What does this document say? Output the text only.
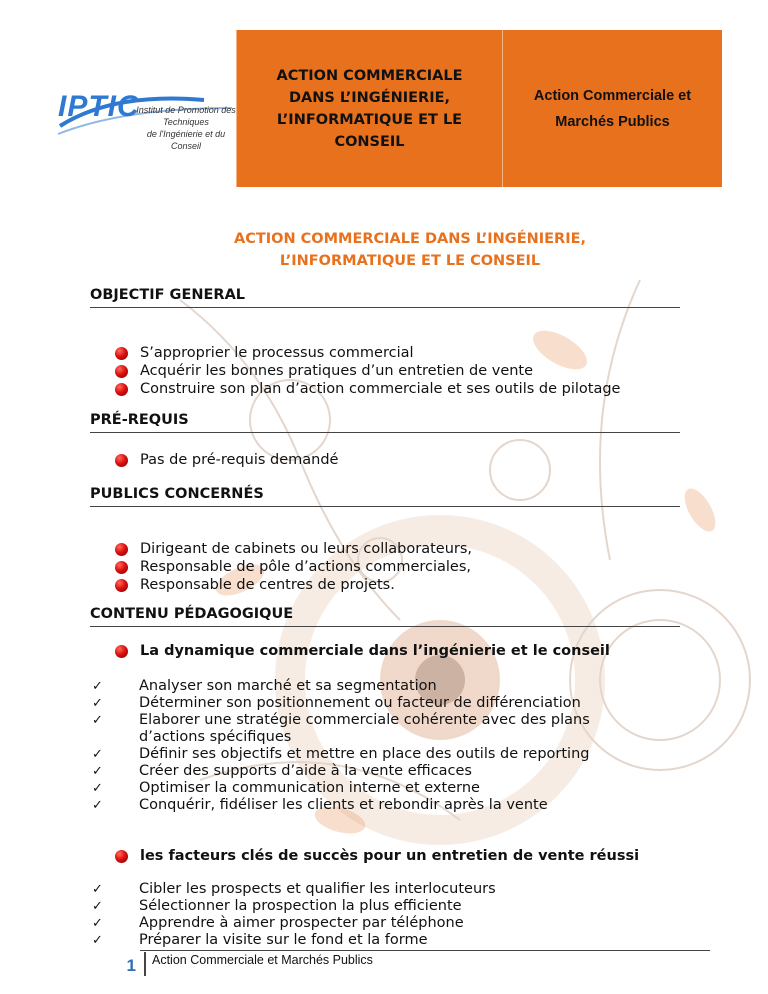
IPTIC
Institut de Promotion des Techniques
de l'Ingénierie et du Conseil
ACTION COMMERCIALE
DANS L’INGÉNIERIE,
L’INFORMATIQUE ET LE
CONSEIL
Action Commerciale et
Marchés Publics
ACTION COMMERCIALE DANS L’INGÉNIERIE,
L’INFORMATIQUE ET LE CONSEIL
OBJECTIF GENERAL
S’approprier le processus commercial
Acquérir les bonnes pratiques d’un entretien de vente
Construire son plan d’action commerciale et ses outils de pilotage
PRÉ-REQUIS
Pas de pré-requis demandé
PUBLICS CONCERNÉS
Dirigeant de cabinets ou leurs collaborateurs,
Responsable de pôle d’actions commerciales,
Responsable de centres de projets.
CONTENU PÉDAGOGIQUE
La dynamique commerciale dans l’ingénierie et le conseil
✓	Analyser son marché et sa segmentation
✓	Déterminer son positionnement ou facteur de différenciation
✓	Elaborer une stratégie commerciale cohérente avec des plans
d’actions spécifiques
✓	Définir ses objectifs et mettre en place des outils de reporting
✓	Créer des supports d’aide à la vente efficaces
✓	Optimiser la communication interne et externe
✓	Conquérir, fidéliser les clients et rebondir après la vente
les facteurs clés de succès pour un entretien de vente réussi
✓	Cibler les prospects et qualifier les interlocuteurs
✓	Sélectionner la prospection la plus efficiente
✓	Apprendre à aimer prospecter par téléphone
✓	Préparer la visite sur le fond et la forme
1 Action Commerciale et Marchés Publics
